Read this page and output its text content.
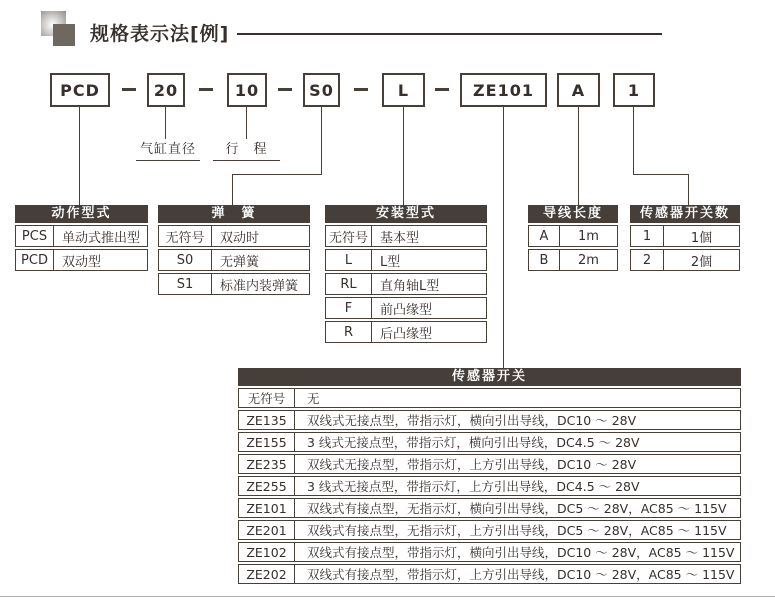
规格表示法[例]
PCD	20	10	S0	L	ZE101	A	1
气缸直径	行　程
动作型式
PCS	单动式推出型
PCD	双动型
弹　簧
无符号	双动时
S0	无弹簧
S1	标准内装弹簧
安装型式
无符号 基本型
L	L型
RL	直角轴L型
F	前凸缘型
R	后凸缘型
导线长度
A	1m
B	2m
传感器开关数
1	1個
2	2個
传感器开关
无符号	无
ZE135	双线式无接点型，带指示灯，横向引出导线，DC10 ～ 28V
ZE155	3 线式无接点型，带指示灯，横向引出导线，DC4.5 ～ 28V
ZE235	双线式无接点型，带指示灯，上方引出导线，DC10 ～ 28V
ZE255	3 线式无接点型，带指示灯，上方引出导线，DC4.5 ～ 28V
ZE101	双线式有接点型，无指示灯，横向引出导线，DC5 ～ 28V，AC85 ～ 115V
ZE201	双线式有接点型，无指示灯，上方引出导线，DC5 ～ 28V，AC85 ～ 115V
ZE102	双线式有接点型，带指示灯，横向引出导线，DC10 ～ 28V，AC85 ～ 115V
ZE202	双线式有接点型，带指示灯，上方引出导线，DC10 ～ 28V，AC85 ～ 115V
